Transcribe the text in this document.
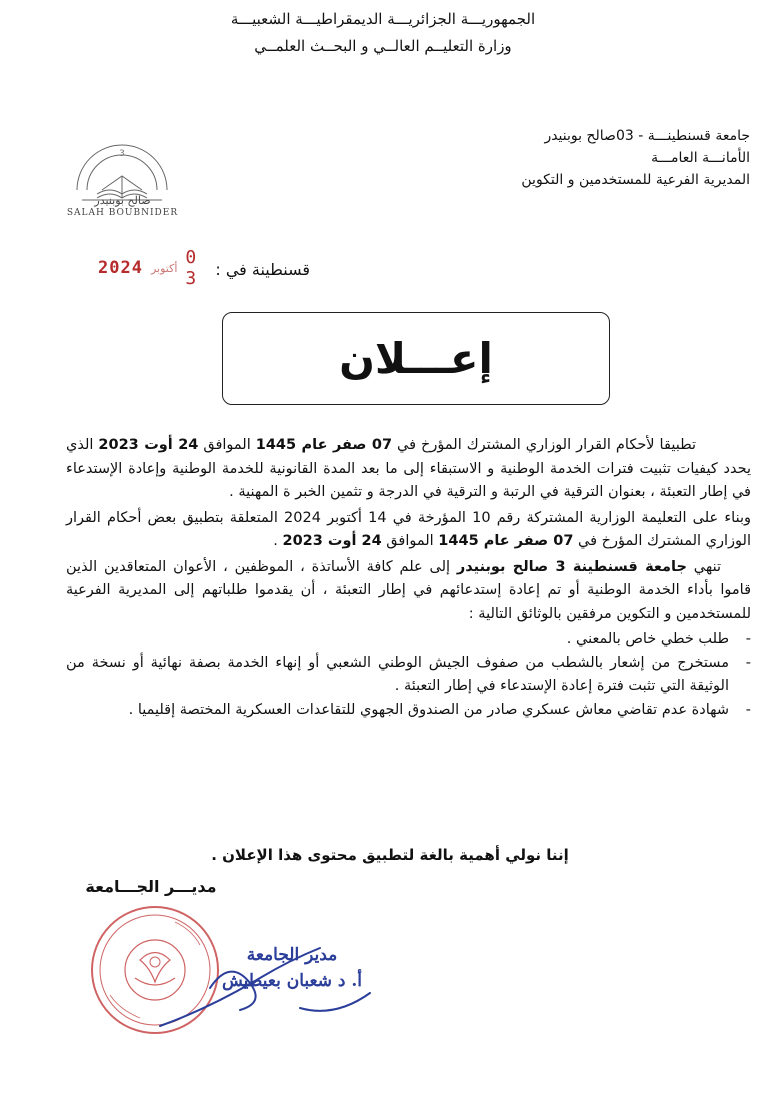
الجمهوريـــة الجزائريـــة الديمقراطيـــة الشعبيـــة
وزارة التعليــم العالــي و البحــث العلمــي
جامعة قسنطينـــة - 03صالح بوبنيدر
الأمانـــة العامـــة
المديرية الفرعية للمستخدمين و التكوين
3
صالح بوبنيدر
SALAH BOUBNIDER
قسنطينة في :
2024 أكتوبر 0 3
إعـــلان

تطبيقا لأحكام القرار الوزاري المشترك المؤرخ في 07 صفر عام 1445 الموافق 24 أوت 2023 الذي يحدد كيفيات تثبيت فترات الخدمة الوطنية و الاستبقاء إلى ما بعد المدة القانونية للخدمة الوطنية وإعادة الإستدعاء في إطار التعبئة ، بعنوان الترقية في الرتبة و الترقية في الدرجة و تثمين الخبر ة المهنية .

وبناء على التعليمة الوزارية المشتركة رقم 10 المؤرخة في 14 أكتوبر 2024 المتعلقة بتطبيق بعض أحكام القرار الوزاري المشترك المؤرخ في 07 صفر عام 1445 الموافق 24 أوت 2023 .

تنهي جامعة قسنطينة 3 صالح بوبنيدر إلى علم كافة الأساتذة ، الموظفين ، الأعوان المتعاقدين الذين قاموا بأداء الخدمة الوطنية أو تم إعادة إستدعائهم في إطار التعبئة ، أن يقدموا طلباتهم إلى المديرية الفرعية للمستخدمين و التكوين مرفقين بالوثائق التالية :

-
طلب خطي خاص بالمعني .
-
مستخرج من إشعار بالشطب من صفوف الجيش الوطني الشعبي أو إنهاء الخدمة بصفة نهائية أو نسخة من الوثيقة التي تثبت فترة إعادة الإستدعاء في إطار التعبئة .
-
شهادة عدم تقاضي معاش عسكري صادر من الصندوق الجهوي للتقاعدات العسكرية المختصة إقليميا .
إننا نولي أهمية بالغة لتطبيق محتوى هذا الإعلان .
مديـــر الجـــامعة
مدير الجامعة
أ. د شعبان بعيطيش
